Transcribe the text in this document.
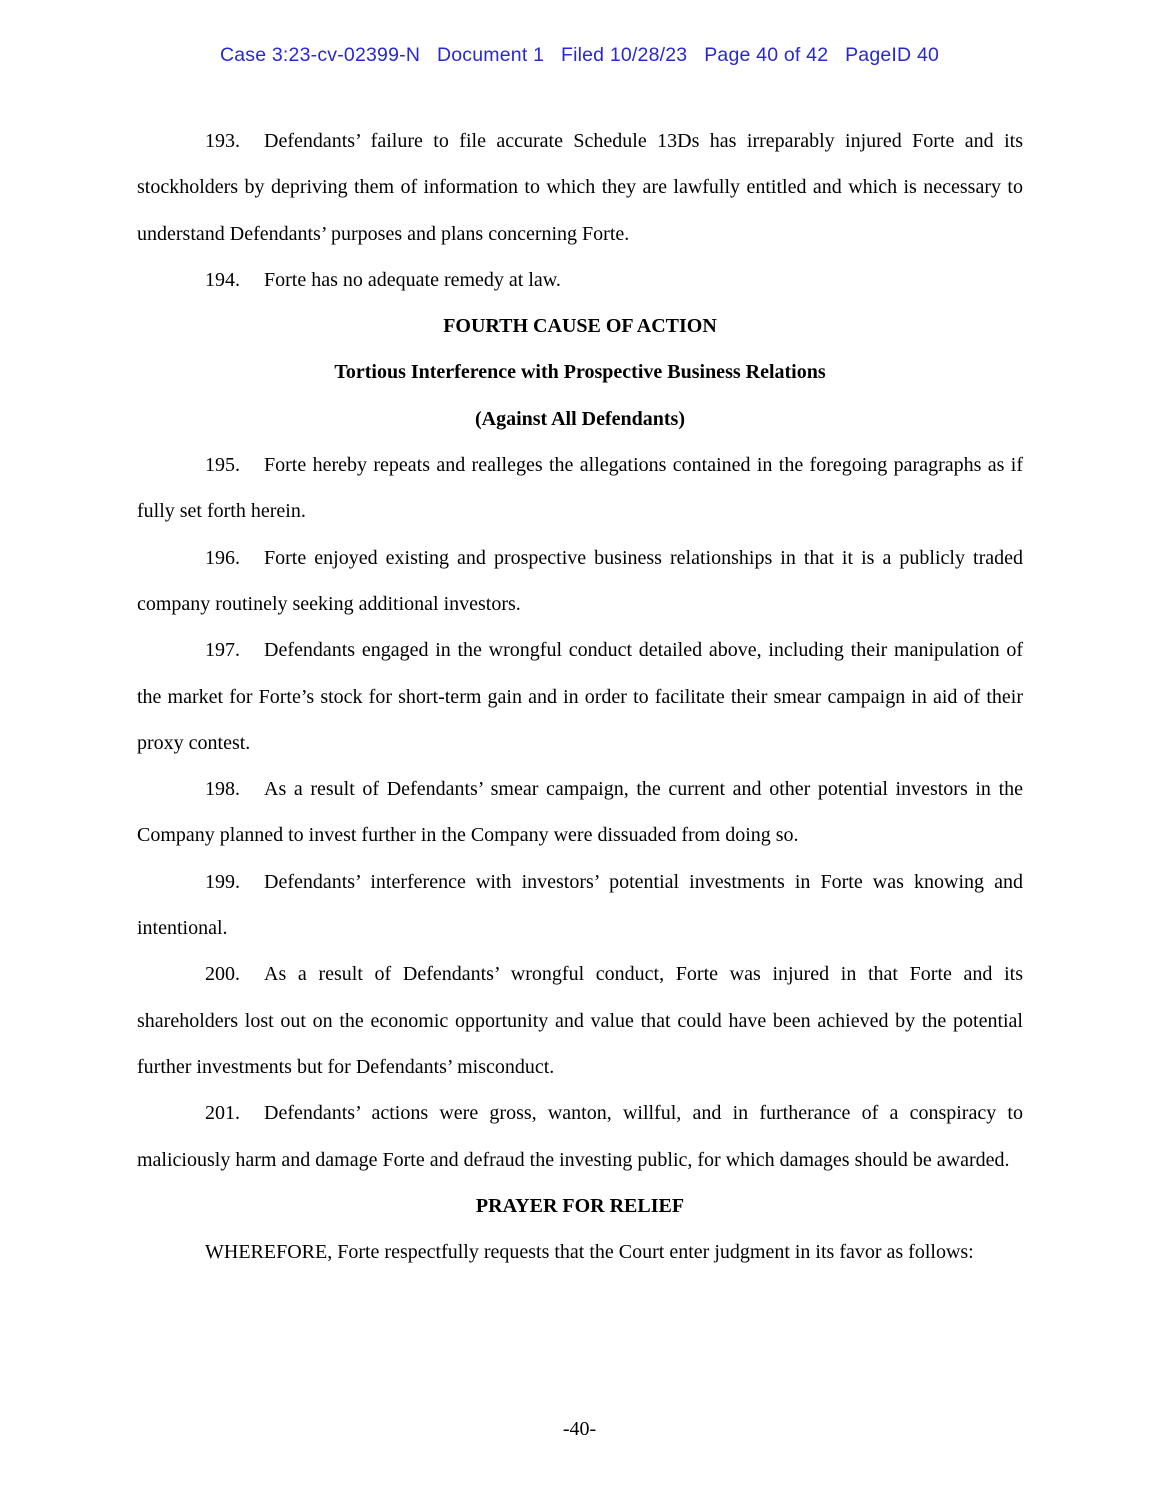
Case 3:23-cv-02399-N   Document 1   Filed 10/28/23   Page 40 of 42   PageID 40

193. Defendants’ failure to file accurate Schedule 13Ds has irreparably injured Forte and its stockholders by depriving them of information to which they are lawfully entitled and which is necessary to understand Defendants’ purposes and plans concerning Forte.

194. Forte has no adequate remedy at law.

FOURTH CAUSE OF ACTION

Tortious Interference with Prospective Business Relations

(Against All Defendants)

195. Forte hereby repeats and realleges the allegations contained in the foregoing paragraphs as if fully set forth herein.

196. Forte enjoyed existing and prospective business relationships in that it is a publicly traded company routinely seeking additional investors.

197. Defendants engaged in the wrongful conduct detailed above, including their manipulation of the market for Forte’s stock for short-term gain and in order to facilitate their smear campaign in aid of their proxy contest.

198. As a result of Defendants’ smear campaign, the current and other potential investors in the Company planned to invest further in the Company were dissuaded from doing so.

199. Defendants’ interference with investors’ potential investments in Forte was knowing and intentional.

200. As a result of Defendants’ wrongful conduct, Forte was injured in that Forte and its shareholders lost out on the economic opportunity and value that could have been achieved by the potential further investments but for Defendants’ misconduct.

201. Defendants’ actions were gross, wanton, willful, and in furtherance of a conspiracy to maliciously harm and damage Forte and defraud the investing public, for which damages should be awarded.

PRAYER FOR RELIEF

WHEREFORE, Forte respectfully requests that the Court enter judgment in its favor as follows:

-40-
